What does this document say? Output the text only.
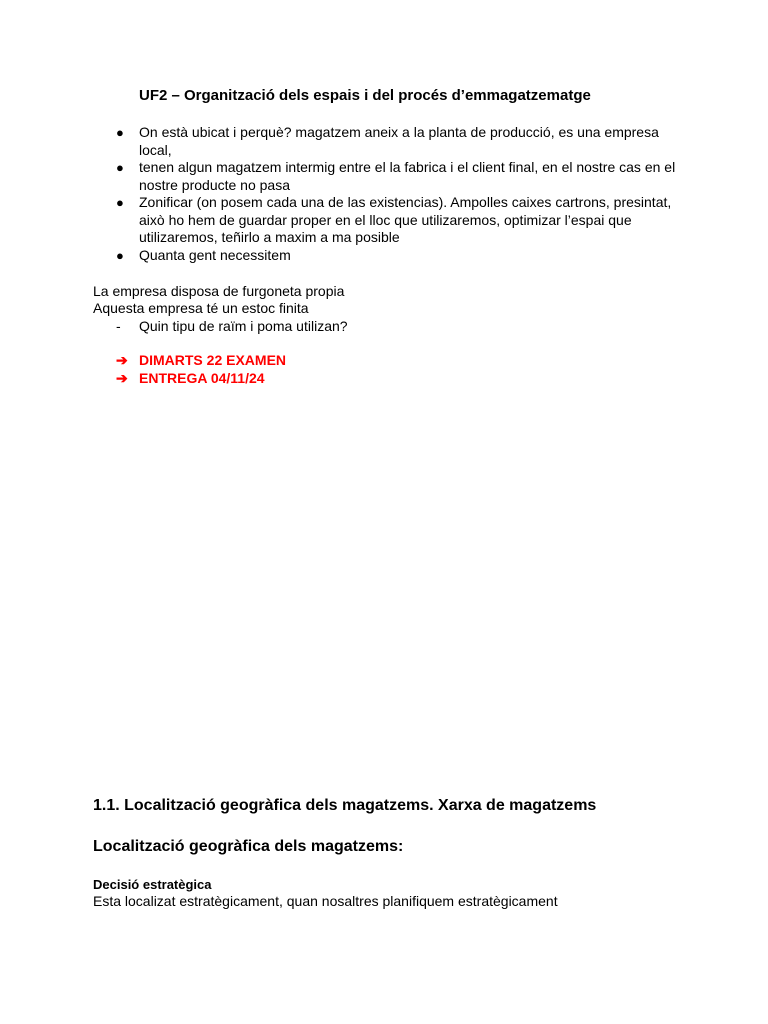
UF2 – Organització dels espais i del procés d’emmagatzematge
● On està ubicat i perquè? magatzem aneix a la planta de producció, es una empresa local,
● tenen algun magatzem intermig entre el la fabrica i el client final, en el nostre cas en el nostre producte no pasa
● Zonificar (on posem cada una de las existencias). Ampolles caixes cartrons, presintat, això ho hem de guardar proper en el lloc que utilizaremos, optimizar l’espai que utilizaremos, teñirlo a maxim a ma posible
● Quanta gent necessitem
La empresa disposa de furgoneta propia
Aquesta empresa té un estoc finita
- Quin tipu de raïm i poma utilizan?
➔ DIMARTS 22 EXAMEN
➔ ENTREGA 04/11/24
1.1. Localització geogràfica dels magatzems. Xarxa de magatzems
Localització geogràfica dels magatzems:
Decisió estratègica
Esta localizat estratègicament, quan nosaltres planifiquem estratègicament
